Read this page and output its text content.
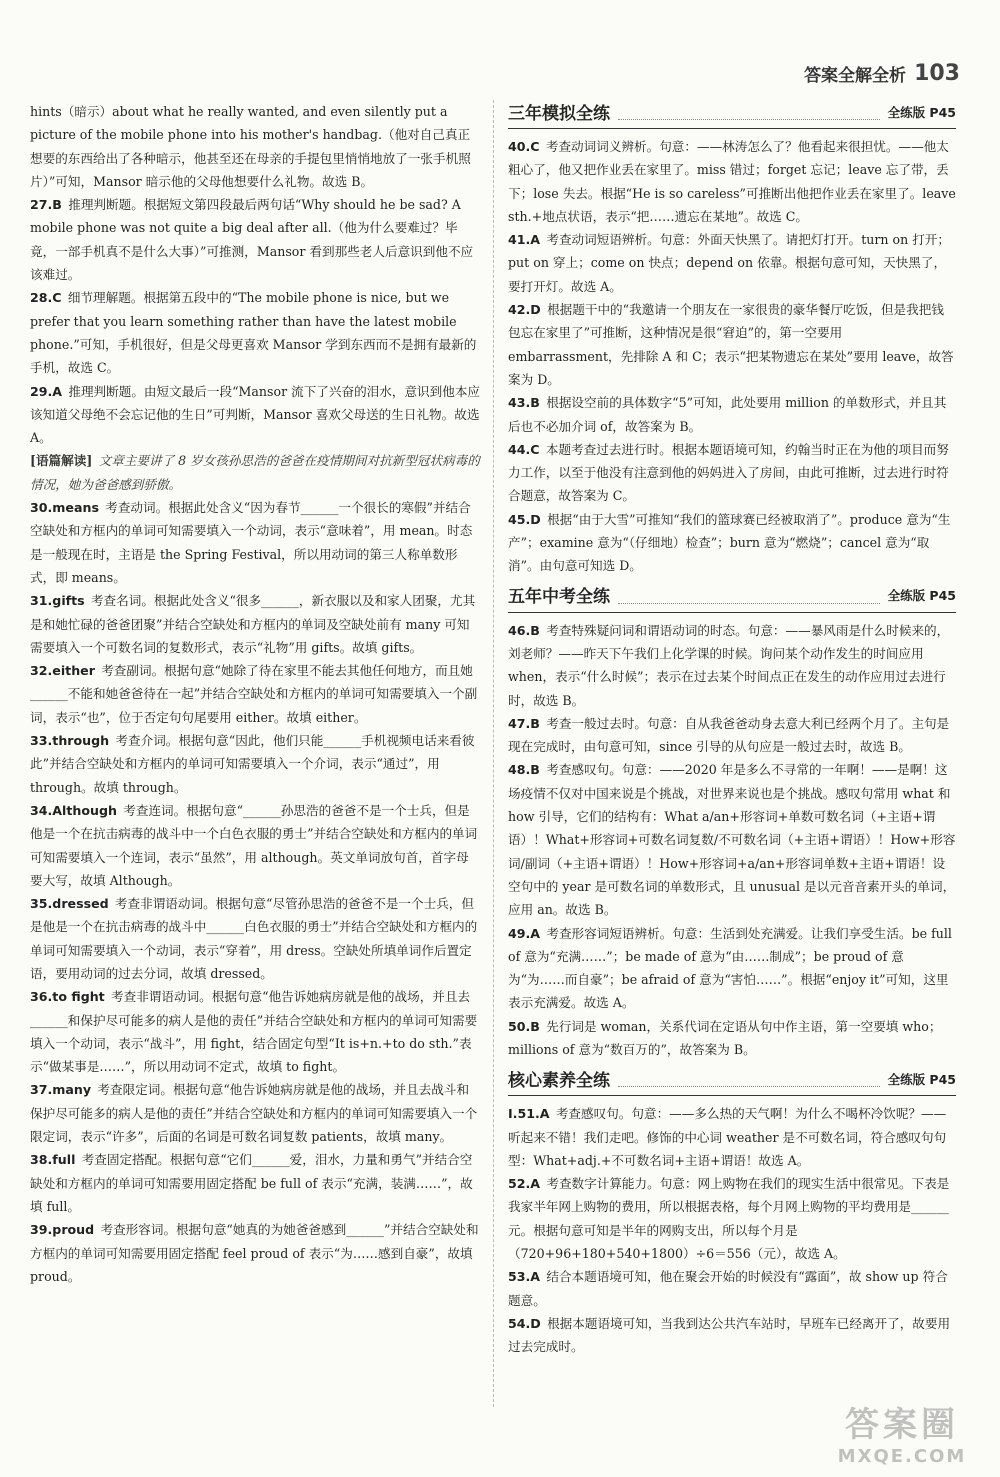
答案全解全析 103

hints（暗示）about what he really wanted, and even silently put a picture of the mobile phone into his mother's handbag.（他对自己真正想要的东西给出了各种暗示，他甚至还在母亲的手提包里悄悄地放了一张手机照片）”可知，Mansor 暗示他的父母他想要什么礼物。故选 B。

27.B  推理判断题。根据短文第四段最后两句话“Why should he be sad? A mobile phone was not quite a big deal after all.（他为什么要难过？毕竟，一部手机真不是什么大事）”可推测，Mansor 看到那些老人后意识到他不应该难过。

28.C  细节理解题。根据第五段中的“The mobile phone is nice, but we prefer that you learn something rather than have the latest mobile phone.”可知，手机很好，但是父母更喜欢 Mansor 学到东西而不是拥有最新的手机，故选 C。

29.A  推理判断题。由短文最后一段“Mansor 流下了兴奋的泪水，意识到他本应该知道父母绝不会忘记他的生日”可判断，Mansor 喜欢父母送的生日礼物。故选 A。

[语篇解读]  文章主要讲了 8 岁女孩孙思浩的爸爸在疫情期间对抗新型冠状病毒的情况，她为爸爸感到骄傲。

30.means  考查动词。根据此处含义“因为春节______一个很长的寒假”并结合空缺处和方框内的单词可知需要填入一个动词，表示“意味着”，用 mean。时态是一般现在时，主语是 the Spring Festival，所以用动词的第三人称单数形式，即 means。

31.gifts  考查名词。根据此处含义“很多______，新衣服以及和家人团聚，尤其是和她忙碌的爸爸团聚”并结合空缺处和方框内的单词及空缺处前有 many 可知需要填入一个可数名词的复数形式，表示“礼物”用 gifts。故填 gifts。

32.either  考查副词。根据句意“她除了待在家里不能去其他任何地方，而且她______不能和她爸爸待在一起”并结合空缺处和方框内的单词可知需要填入一个副词，表示“也”，位于否定句句尾要用 either。故填 either。

33.through  考查介词。根据句意“因此，他们只能______手机视频电话来看彼此”并结合空缺处和方框内的单词可知需要填入一个介词，表示“通过”，用 through。故填 through。

34.Although  考查连词。根据句意“______孙思浩的爸爸不是一个士兵，但是他是一个在抗击病毒的战斗中一个白色衣服的勇士”并结合空缺处和方框内的单词可知需要填入一个连词，表示“虽然”，用 although。英文单词放句首，首字母要大写，故填 Although。

35.dressed  考查非谓语动词。根据句意“尽管孙思浩的爸爸不是一个士兵，但是他是一个在抗击病毒的战斗中______白色衣服的勇士”并结合空缺处和方框内的单词可知需要填入一个动词，表示“穿着”，用 dress。空缺处所填单词作后置定语，要用动词的过去分词，故填 dressed。

36.to fight  考查非谓语动词。根据句意“他告诉她病房就是他的战场，并且去______和保护尽可能多的病人是他的责任”并结合空缺处和方框内的单词可知需要填入一个动词，表示“战斗”，用 fight，结合固定句型“It is+n.+to do sth.”表示“做某事是……”，所以用动词不定式，故填 to fight。

37.many  考查限定词。根据句意“他告诉她病房就是他的战场，并且去战斗和保护尽可能多的病人是他的责任”并结合空缺处和方框内的单词可知需要填入一个限定词，表示“许多”，后面的名词是可数名词复数 patients，故填 many。

38.full  考查固定搭配。根据句意“它们______爱，泪水，力量和勇气”并结合空缺处和方框内的单词可知需要用固定搭配 be full of 表示“充满，装满……”，故填 full。

39.proud  考查形容词。根据句意“她真的为她爸爸感到______”并结合空缺处和方框内的单词可知需要用固定搭配 feel proud of 表示“为……感到自豪”，故填 proud。

三年模拟全练	全练版 P45

40.C  考查动词词义辨析。句意：——林涛怎么了？他看起来很担忧。——他太粗心了，他又把作业丢在家里了。miss 错过；forget 忘记；leave 忘了带，丢下；lose 失去。根据“He is so careless”可推断出他把作业丢在家里了。leave sth.+地点状语，表示“把……遗忘在某地”。故选 C。

41.A  考查动词短语辨析。句意：外面天快黑了。请把灯打开。turn on 打开；put on 穿上；come on 快点；depend on 依靠。根据句意可知，天快黑了，要打开灯。故选 A。

42.D  根据题干中的“我邀请一个朋友在一家很贵的豪华餐厅吃饭，但是我把钱包忘在家里了”可推断，这种情况是很“窘迫”的，第一空要用 embarrassment，先排除 A 和 C；表示“把某物遗忘在某处”要用 leave，故答案为 D。

43.B  根据设空前的具体数字“5”可知，此处要用 million 的单数形式，并且其后也不必加介词 of，故答案为 B。

44.C  本题考查过去进行时。根据本题语境可知，约翰当时正在为他的项目而努力工作，以至于他没有注意到他的妈妈进入了房间，由此可推断，过去进行时符合题意，故答案为 C。

45.D  根据“由于大雪”可推知“我们的篮球赛已经被取消了”。produce 意为“生产”；examine 意为“（仔细地）检查”；burn 意为“燃烧”；cancel 意为“取消”。由句意可知选 D。

五年中考全练	全练版 P45

46.B  考查特殊疑问词和谓语动词的时态。句意：——暴风雨是什么时候来的，刘老师？——昨天下午我们上化学课的时候。询问某个动作发生的时间应用 when，表示“什么时候”；表示在过去某个时间点正在发生的动作应用过去进行时，故选 B。

47.B  考查一般过去时。句意：自从我爸爸动身去意大利已经两个月了。主句是现在完成时，由句意可知，since 引导的从句应是一般过去时，故选 B。

48.B  考查感叹句。句意：——2020 年是多么不寻常的一年啊！——是啊！这场疫情不仅对中国来说是个挑战，对世界来说也是个挑战。感叹句常用 what 和 how 引导，它们的结构有：What a/an+形容词+单数可数名词（+主语+谓语）！What+形容词+可数名词复数/不可数名词（+主语+谓语）！How+形容词/副词（+主语+谓语）！How+形容词+a/an+形容词单数+主语+谓语！设空句中的 year 是可数名词的单数形式，且 unusual 是以元音音素开头的单词，应用 an。故选 B。

49.A  考查形容词短语辨析。句意：生活到处充满爱。让我们享受生活。be full of 意为“充满……”；be made of 意为“由……制成”；be proud of 意为“为……而自豪”；be afraid of 意为“害怕……”。根据“enjoy it”可知，这里表示充满爱。故选 A。

50.B  先行词是 woman，关系代词在定语从句中作主语，第一空要填 who；millions of 意为“数百万的”，故答案为 B。

核心素养全练	全练版 P45

Ⅰ.51.A  考查感叹句。句意：——多么热的天气啊！为什么不喝杯冷饮呢？——听起来不错！我们走吧。修饰的中心词 weather 是不可数名词，符合感叹句句型：What+adj.+不可数名词+主语+谓语！故选 A。

52.A  考查数字计算能力。句意：网上购物在我们的现实生活中很常见。下表是我家半年网上购物的费用，所以根据表格，每个月网上购物的平均费用是______元。根据句意可知是半年的网购支出，所以每个月是（720+96+180+540+1800）÷6＝556（元），故选 A。

53.A  结合本题语境可知，他在聚会开始的时候没有“露面”，故 show up 符合题意。

54.D  根据本题语境可知，当我到达公共汽车站时，早班车已经离开了，故要用过去完成时。

答案圈
MXQE.COM
